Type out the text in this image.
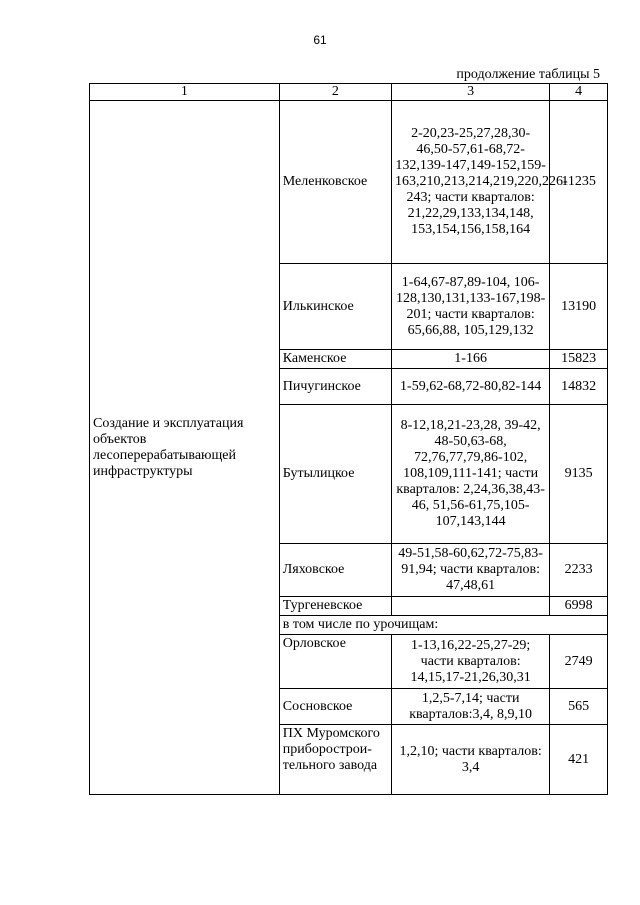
61
продолжение таблицы 5
1	2	3	4
Создание и эксплуатация объектов лесоперерабатывающей инфраструктуры	Меленковское	2-20,23-25,27,28,30-46,50-57,61-68,72-132,139-147,149-152,159-163,210,213,214,219,220,226-243; части кварталов: 21,22,29,133,134,148, 153,154,156,158,164	11235
	Илькинское	1-64,67-87,89-104, 106-128,130,131,133-167,198-201; части кварталов: 65,66,88, 105,129,132	13190
	Каменское	1-166	15823
	Пичугинское	1-59,62-68,72-80,82-144	14832
	Бутылицкое	8-12,18,21-23,28, 39-42, 48-50,63-68, 72,76,77,79,86-102, 108,109,111-141; части кварталов: 2,24,36,38,43-46, 51,56-61,75,105-107,143,144	9135
	Ляховское	49-51,58-60,62,72-75,83-91,94; части кварталов: 47,48,61	2233
	Тургеневское		6998
	в том числе по урочищам:		
	Орловское	1-13,16,22-25,27-29; части кварталов: 14,15,17-21,26,30,31	2749
	Сосновское	1,2,5-7,14; части кварталов:3,4, 8,9,10	565
	ПХ Муромского приборострои-тельного завода	1,2,10; части кварталов: 3,4	421
